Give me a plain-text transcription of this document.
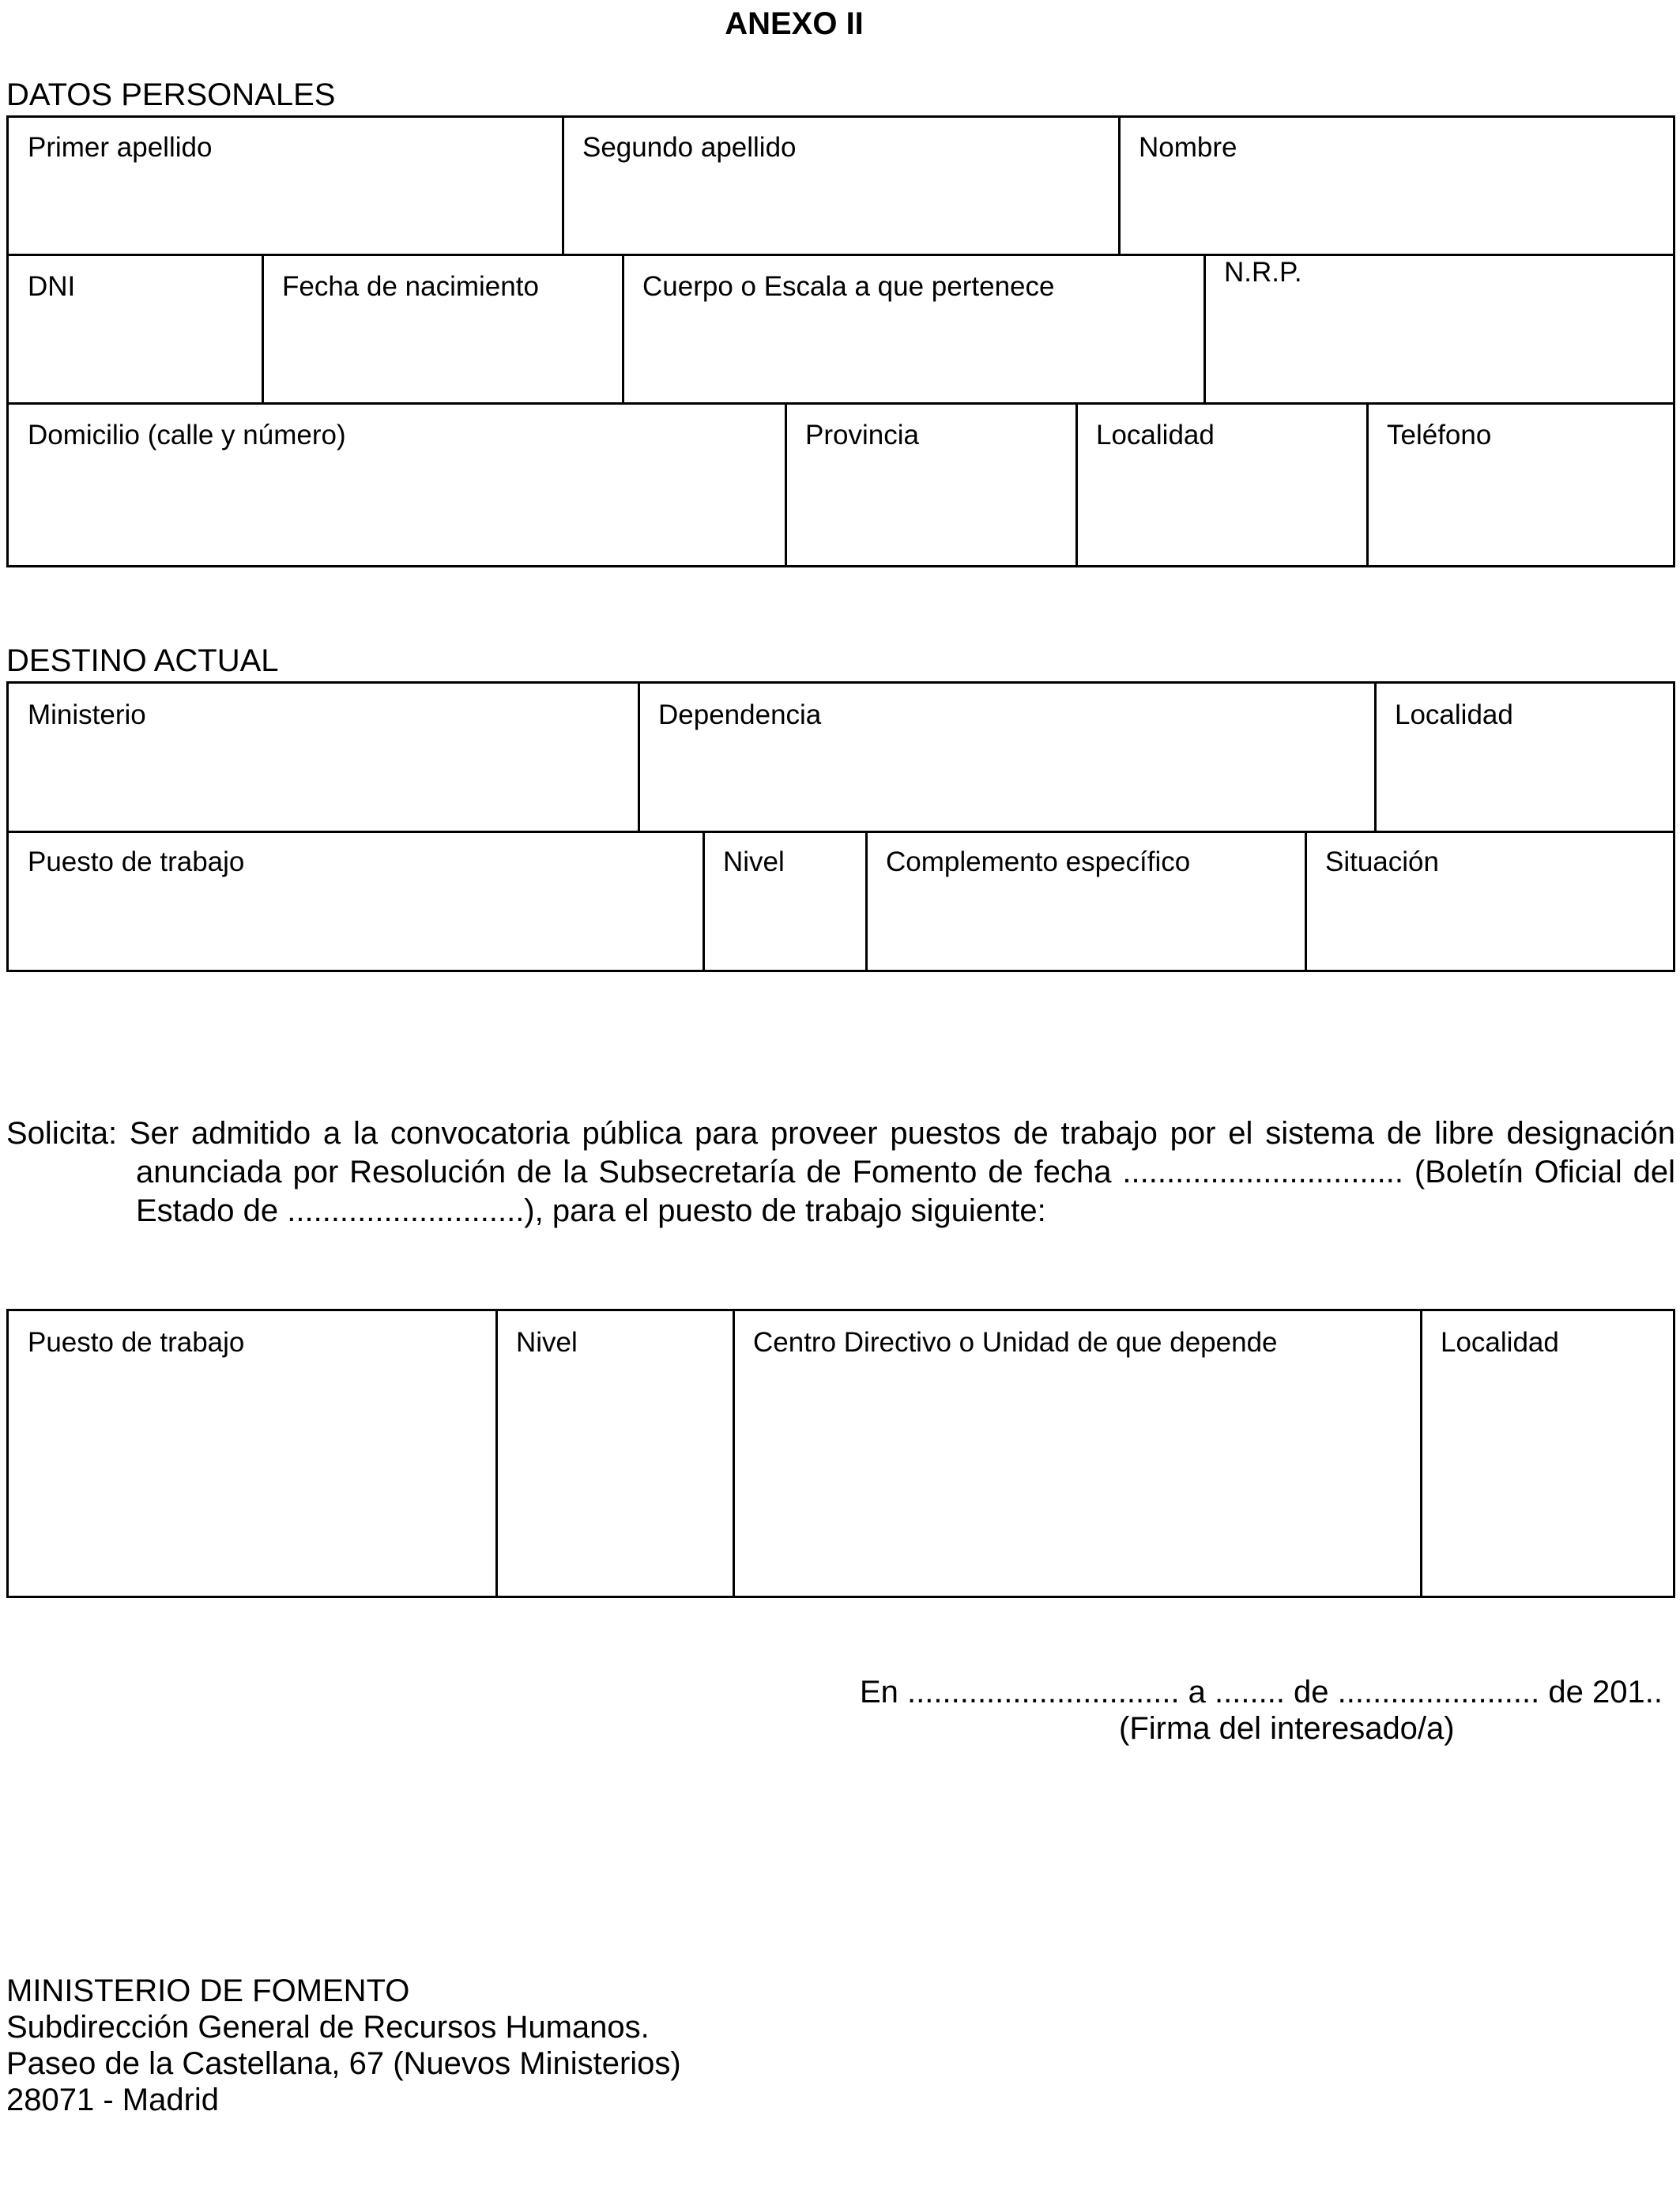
ANEXO II
DATOS PERSONALES
Primer apellido	Segundo apellido	Nombre
DNI	Fecha de nacimiento	Cuerpo o Escala a que pertenece	N.R.P.
Domicilio (calle y número)	Provincia	Localidad	Teléfono
DESTINO ACTUAL
Ministerio	Dependencia	Localidad
Puesto de trabajo	Nivel	Complemento específico	Situación
Solicita: Ser admitido a la convocatoria pública para proveer puestos de trabajo por el sistema de libre designación
anunciada por Resolución de la Subsecretaría de Fomento de fecha ................................ (Boletín Oficial del
Estado de ...........................), para el puesto de trabajo siguiente:
Puesto de trabajo	Nivel	Centro Directivo o Unidad de que depende	Localidad
En ............................... a ........ de ....................... de 201..
(Firma del interesado/a)
MINISTERIO DE FOMENTO
Subdirección General de Recursos Humanos.
Paseo de la Castellana, 67 (Nuevos Ministerios)
28071 - Madrid
